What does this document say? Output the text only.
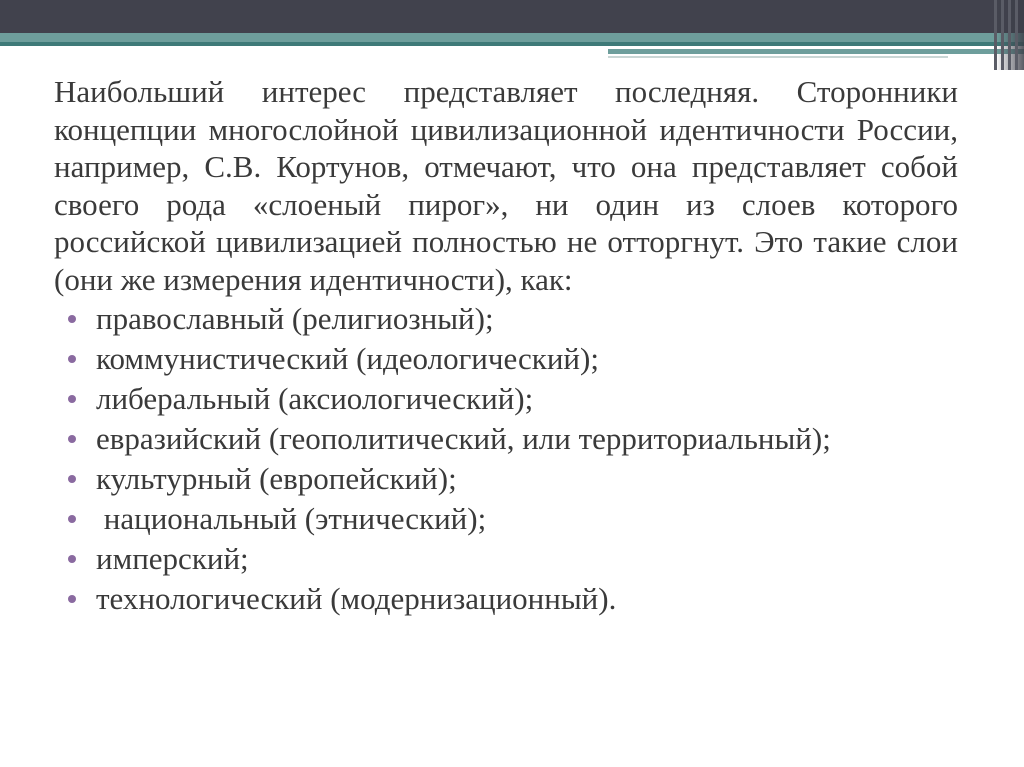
Наибольший интерес представляет последняя. Сторонники концепции многослойной цивилизационной идентичности России, например, С.В. Кортунов, отмечают, что она представляет собой своего рода «слоеный пирог», ни один из слоев которого российской цивилизацией полностью не отторгнут. Это такие слои (они же измерения идентичности), как:

православный (религиозный);
коммунистический (идеологический);
либеральный (аксиологический);
евразийский (геополитический, или территориальный);
культурный (европейский);
национальный (этнический);
имперский;
технологический (модернизационный).
